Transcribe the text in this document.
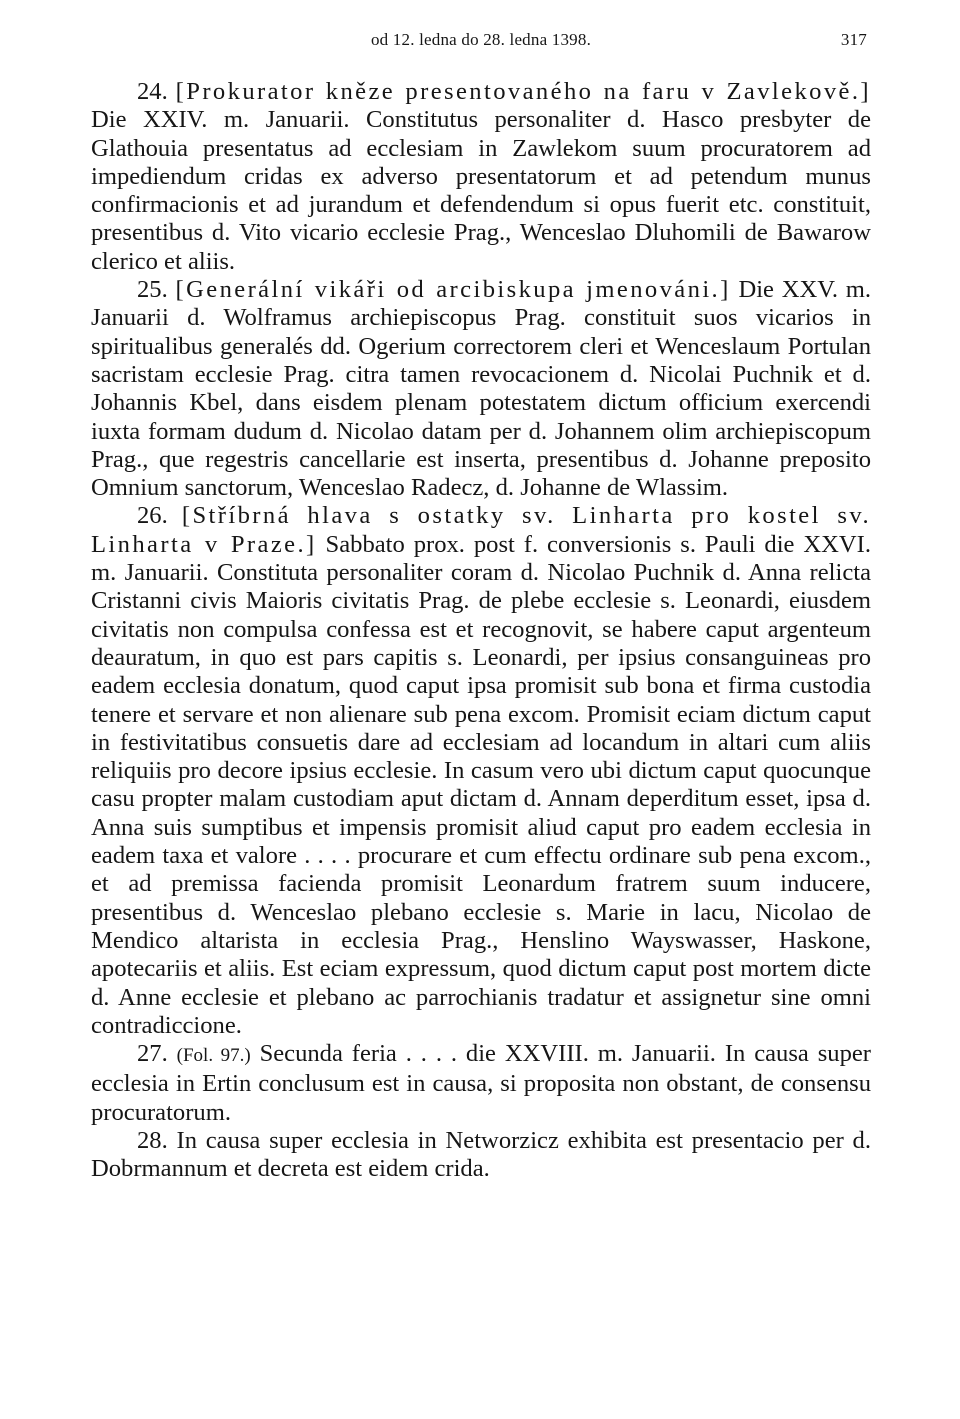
od 12. ledna do 28. ledna 1398.	317

24. [Prokurator kněze presentovaného na faru v Zavlekově.] Die XXIV. m. Januarii. Constitutus personaliter d. Hasco presbyter de Glathouia presentatus ad ecclesiam in Zawlekom suum procuratorem ad impediendum cridas ex adverso presentatorum et ad petendum munus confirmacionis et ad jurandum et defendendum si opus fuerit etc. constituit, presentibus d. Vito vicario ecclesie Prag., Wenceslao Dluhomili de Bawarow clerico et aliis.

25. [Generální vikáři od arcibiskupa jmenováni.] Die XXV. m. Januarii d. Wolframus archiepiscopus Prag. constituit suos vicarios in spiritualibus generalés dd. Ogerium correctorem cleri et Wenceslaum Portulan sacristam ecclesie Prag. citra tamen revocacionem d. Nicolai Puchnik et d. Johannis Kbel, dans eisdem plenam potestatem dictum officium exercendi iuxta formam dudum d. Nicolao datam per d. Johannem olim archiepiscopum Prag., que regestris cancellarie est inserta, presentibus d. Johanne preposito Omnium sanctorum, Wenceslao Radecz, d. Johanne de Wlassim.

26. [Stříbrná hlava s ostatky sv. Linharta pro kostel sv. Linharta v Praze.] Sabbato prox. post f. conversionis s. Pauli die XXVI. m. Januarii. Constituta personaliter coram d. Nicolao Puchnik d. Anna relicta Cristanni civis Maioris civitatis Prag. de plebe ecclesie s. Leonardi, eiusdem civitatis non compulsa confessa est et recognovit, se habere caput argenteum deauratum, in quo est pars capitis s. Leonardi, per ipsius consanguineas pro eadem ecclesia donatum, quod caput ipsa promisit sub bona et firma custodia tenere et servare et non alienare sub pena excom. Promisit eciam dictum caput in festivitatibus consuetis dare ad ecclesiam ad locandum in altari cum aliis reliquiis pro decore ipsius ecclesie. In casum vero ubi dictum caput quocunque casu propter malam custodiam aput dictam d. Annam deperditum esset, ipsa d. Anna suis sumptibus et impensis promisit aliud caput pro eadem ecclesia in eadem taxa et valore . . . . procurare et cum effectu ordinare sub pena excom., et ad premissa facienda promisit Leonardum fratrem suum inducere, presentibus d. Wenceslao plebano ecclesie s. Marie in lacu, Nicolao de Mendico altarista in ecclesia Prag., Henslino Wayswasser, Haskone, apotecariis et aliis. Est eciam expressum, quod dictum caput post mortem dicte d. Anne ecclesie et plebano ac parrochianis tradatur et assignetur sine omni contradiccione.

27. (Fol. 97.) Secunda feria . . . . die XXVIII. m. Januarii. In causa super ecclesia in Ertin conclusum est in causa, si proposita non obstant, de consensu procuratorum.

28. In causa super ecclesia in Networzicz exhibita est presentacio per d. Dobrmannum et decreta est eidem crida.
